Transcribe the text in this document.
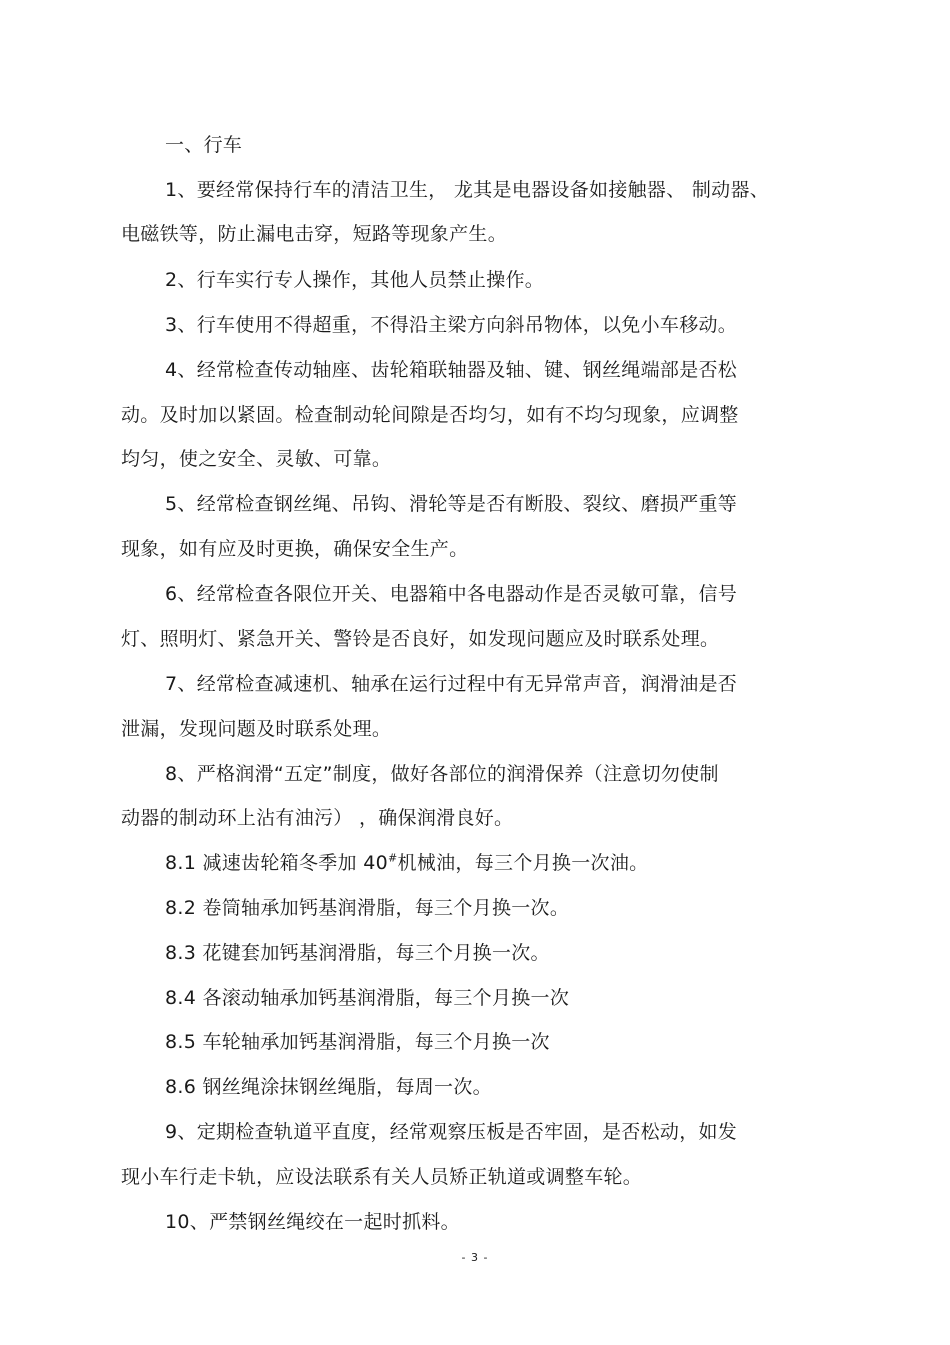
一、行车
1、要经常保持行车的清洁卫生， 龙其是电器设备如接触器、 制动器、
电磁铁等，防止漏电击穿，短路等现象产生。
2、行车实行专人操作，其他人员禁止操作。
3、行车使用不得超重，不得沿主梁方向斜吊物体，以免小车移动。
4、经常检查传动轴座、齿轮箱联轴器及轴、键、钢丝绳端部是否松
动。及时加以紧固。检查制动轮间隙是否均匀，如有不均匀现象，应调整
均匀，使之安全、灵敏、可靠。
5、经常检查钢丝绳、吊钩、滑轮等是否有断股、裂纹、磨损严重等
现象，如有应及时更换，确保安全生产。
6、经常检查各限位开关、电器箱中各电器动作是否灵敏可靠，信号
灯、照明灯、紧急开关、警铃是否良好，如发现问题应及时联系处理。
7、经常检查减速机、轴承在运行过程中有无异常声音，润滑油是否
泄漏，发现问题及时联系处理。
8、严格润滑“五定”制度，做好各部位的润滑保养（注意切勿使制
动器的制动环上沾有油污） ，确保润滑良好。
8.1 减速齿轮箱冬季加 40#机械油，每三个月换一次油。
8.2 卷筒轴承加钙基润滑脂，每三个月换一次。
8.3 花键套加钙基润滑脂，每三个月换一次。
8.4 各滚动轴承加钙基润滑脂，每三个月换一次
8.5 车轮轴承加钙基润滑脂，每三个月换一次
8.6 钢丝绳涂抹钢丝绳脂，每周一次。
9、定期检查轨道平直度，经常观察压板是否牢固，是否松动，如发
现小车行走卡轨，应设法联系有关人员矫正轨道或调整车轮。
10、严禁钢丝绳绞在一起时抓料。
- 3 -
